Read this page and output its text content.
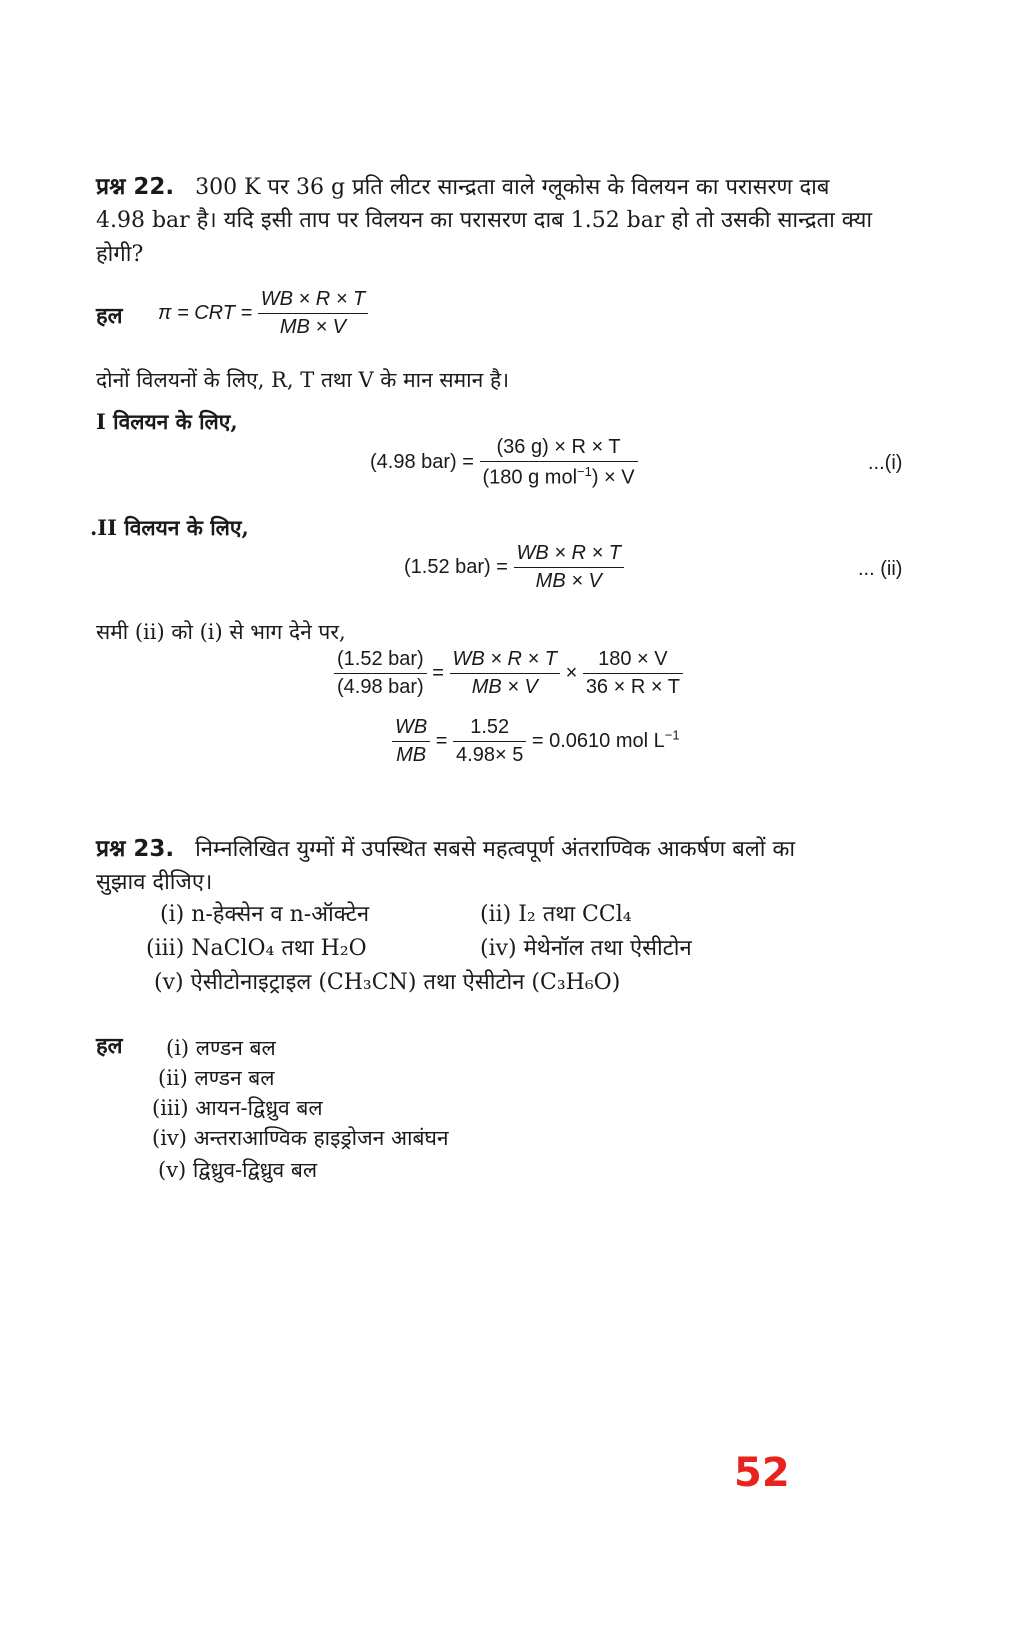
प्रश्न 22. 300 K पर 36 g प्रति लीटर सान्द्रता वाले ग्लूकोस के विलयन का परासरण दाब
4.98 bar है। यदि इसी ताप पर विलयन का परासरण दाब 1.52 bar हो तो उसकी सान्द्रता क्या
होगी?
हल π = CRT = $\frac{WB \times R \times T}{MB \times V}$
दोनों विलयनों के लिए, R, T तथा V के मान समान है।
I विलयन के लिए,
(4.98 $bar) = \frac{(36 g) \times R \times T}{(180 g mol^{-1}) \times V}$	...(i)
.II विलयन के लिए,
(1.52 $bar) = \frac{WB \times R \times T}{MB \times V}$	... (ii)
समी (ii) को (i) से भाग देने पर,
$\frac{\text{(1.52 bar)}}{\text{(4.98 bar)}} = \frac{WB \times R \times T}{MB \times V} \times \frac{180 \times V}{36 \times R \times T}$
$\frac{WB}{MB} = \frac{1.52}{4.98\times 5} = 0.0610$ mol $L^{-1}$
प्रश्न 23. निम्नलिखित युग्मों में उपस्थित सबसे महत्वपूर्ण अंतराण्विक आकर्षण बलों का
सुझाव दीजिए।
(i) n-हेक्सेन व n-ऑक्टेन	(ii) I₂ तथा CCl₄
(iii) NaClO₄ तथा H₂O	(iv) मेथेनॉल तथा ऐसीटोन
(v) ऐसीटोनाइट्राइल (CH₃CN) तथा ऐसीटोन (C₃H₆O)
हल (i) लण्डन बल
(ii) लण्डन बल
(iii) आयन-द्विध्रुव बल
(iv) अन्तराआण्विक हाइड्रोजन आबंघन
(v) द्विध्रुव-द्विध्रुव बल
52
